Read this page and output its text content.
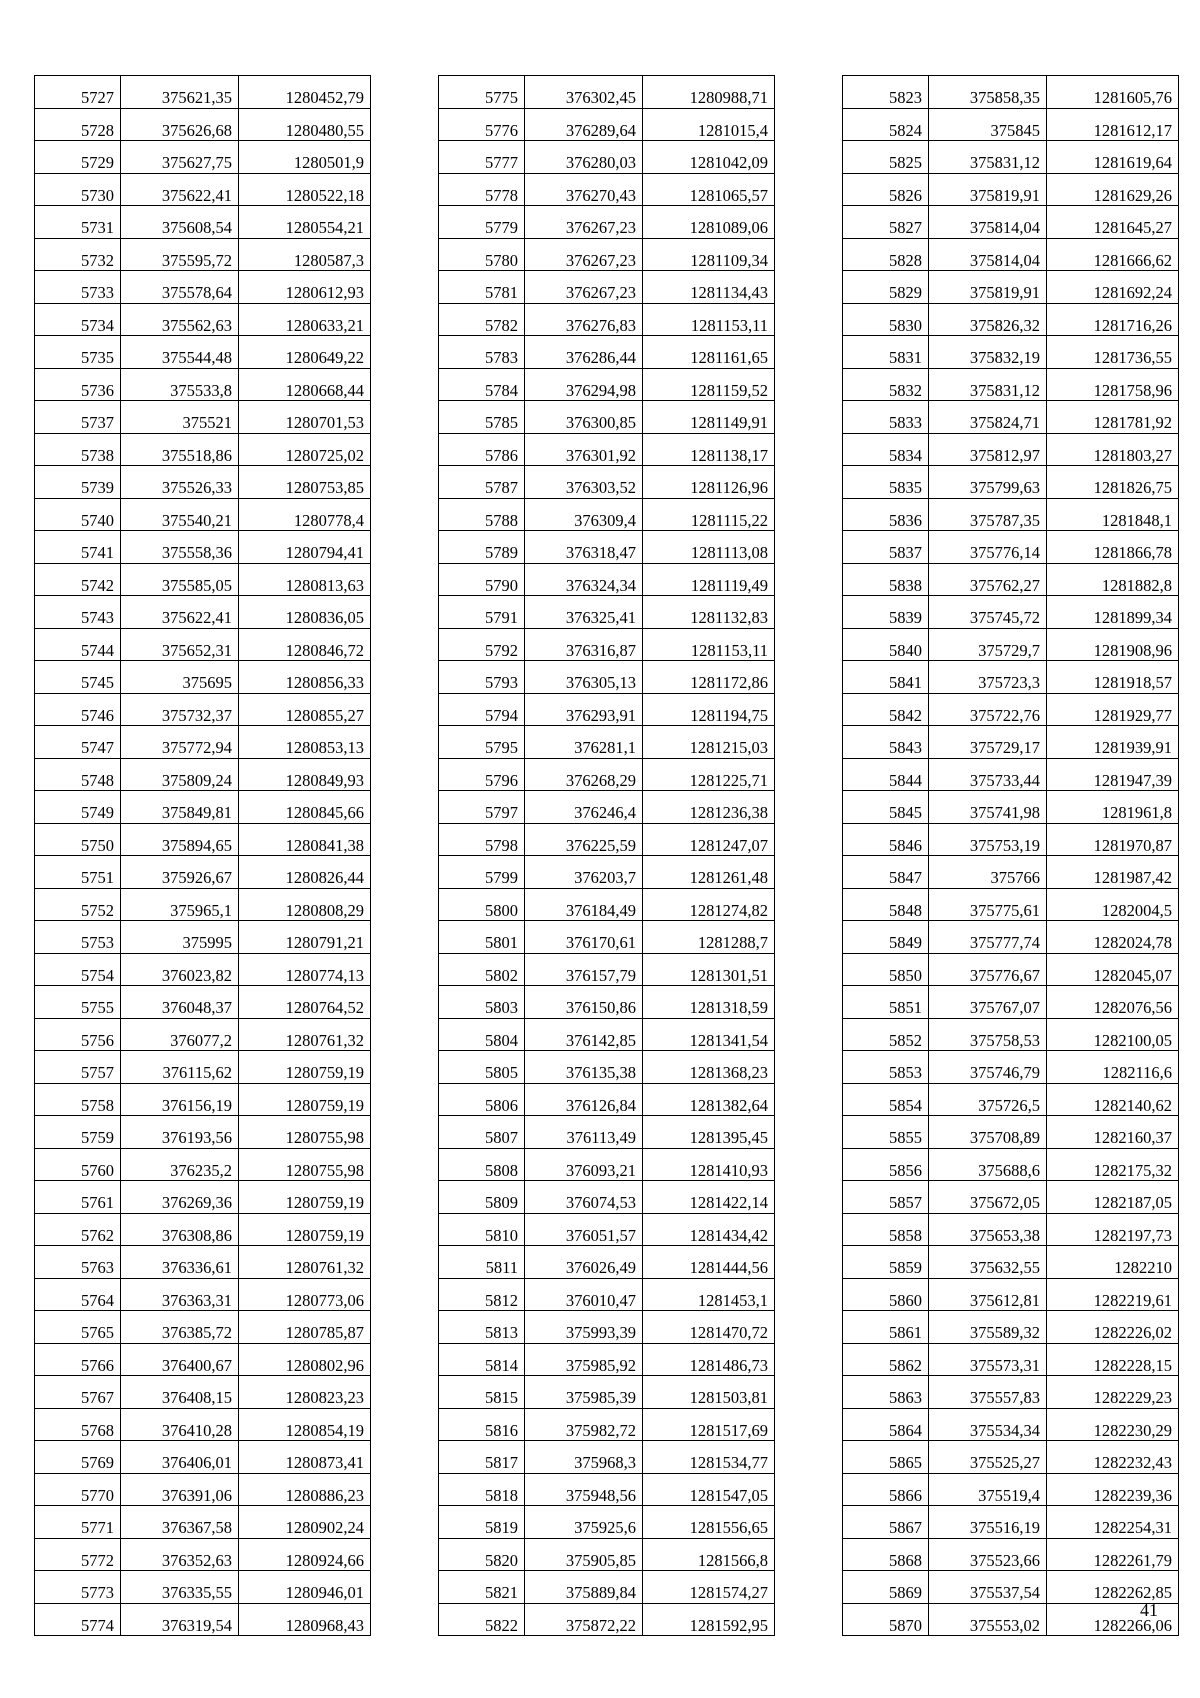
5727	375621,35	1280452,79
5728	375626,68	1280480,55
5729	375627,75	1280501,9
5730	375622,41	1280522,18
5731	375608,54	1280554,21
5732	375595,72	1280587,3
5733	375578,64	1280612,93
5734	375562,63	1280633,21
5735	375544,48	1280649,22
5736	375533,8	1280668,44
5737	375521	1280701,53
5738	375518,86	1280725,02
5739	375526,33	1280753,85
5740	375540,21	1280778,4
5741	375558,36	1280794,41
5742	375585,05	1280813,63
5743	375622,41	1280836,05
5744	375652,31	1280846,72
5745	375695	1280856,33
5746	375732,37	1280855,27
5747	375772,94	1280853,13
5748	375809,24	1280849,93
5749	375849,81	1280845,66
5750	375894,65	1280841,38
5751	375926,67	1280826,44
5752	375965,1	1280808,29
5753	375995	1280791,21
5754	376023,82	1280774,13
5755	376048,37	1280764,52
5756	376077,2	1280761,32
5757	376115,62	1280759,19
5758	376156,19	1280759,19
5759	376193,56	1280755,98
5760	376235,2	1280755,98
5761	376269,36	1280759,19
5762	376308,86	1280759,19
5763	376336,61	1280761,32
5764	376363,31	1280773,06
5765	376385,72	1280785,87
5766	376400,67	1280802,96
5767	376408,15	1280823,23
5768	376410,28	1280854,19
5769	376406,01	1280873,41
5770	376391,06	1280886,23
5771	376367,58	1280902,24
5772	376352,63	1280924,66
5773	376335,55	1280946,01
5774	376319,54	1280968,43
5775	376302,45	1280988,71
5776	376289,64	1281015,4
5777	376280,03	1281042,09
5778	376270,43	1281065,57
5779	376267,23	1281089,06
5780	376267,23	1281109,34
5781	376267,23	1281134,43
5782	376276,83	1281153,11
5783	376286,44	1281161,65
5784	376294,98	1281159,52
5785	376300,85	1281149,91
5786	376301,92	1281138,17
5787	376303,52	1281126,96
5788	376309,4	1281115,22
5789	376318,47	1281113,08
5790	376324,34	1281119,49
5791	376325,41	1281132,83
5792	376316,87	1281153,11
5793	376305,13	1281172,86
5794	376293,91	1281194,75
5795	376281,1	1281215,03
5796	376268,29	1281225,71
5797	376246,4	1281236,38
5798	376225,59	1281247,07
5799	376203,7	1281261,48
5800	376184,49	1281274,82
5801	376170,61	1281288,7
5802	376157,79	1281301,51
5803	376150,86	1281318,59
5804	376142,85	1281341,54
5805	376135,38	1281368,23
5806	376126,84	1281382,64
5807	376113,49	1281395,45
5808	376093,21	1281410,93
5809	376074,53	1281422,14
5810	376051,57	1281434,42
5811	376026,49	1281444,56
5812	376010,47	1281453,1
5813	375993,39	1281470,72
5814	375985,92	1281486,73
5815	375985,39	1281503,81
5816	375982,72	1281517,69
5817	375968,3	1281534,77
5818	375948,56	1281547,05
5819	375925,6	1281556,65
5820	375905,85	1281566,8
5821	375889,84	1281574,27
5822	375872,22	1281592,95
5823	375858,35	1281605,76
5824	375845	1281612,17
5825	375831,12	1281619,64
5826	375819,91	1281629,26
5827	375814,04	1281645,27
5828	375814,04	1281666,62
5829	375819,91	1281692,24
5830	375826,32	1281716,26
5831	375832,19	1281736,55
5832	375831,12	1281758,96
5833	375824,71	1281781,92
5834	375812,97	1281803,27
5835	375799,63	1281826,75
5836	375787,35	1281848,1
5837	375776,14	1281866,78
5838	375762,27	1281882,8
5839	375745,72	1281899,34
5840	375729,7	1281908,96
5841	375723,3	1281918,57
5842	375722,76	1281929,77
5843	375729,17	1281939,91
5844	375733,44	1281947,39
5845	375741,98	1281961,8
5846	375753,19	1281970,87
5847	375766	1281987,42
5848	375775,61	1282004,5
5849	375777,74	1282024,78
5850	375776,67	1282045,07
5851	375767,07	1282076,56
5852	375758,53	1282100,05
5853	375746,79	1282116,6
5854	375726,5	1282140,62
5855	375708,89	1282160,37
5856	375688,6	1282175,32
5857	375672,05	1282187,05
5858	375653,38	1282197,73
5859	375632,55	1282210
5860	375612,81	1282219,61
5861	375589,32	1282226,02
5862	375573,31	1282228,15
5863	375557,83	1282229,23
5864	375534,34	1282230,29
5865	375525,27	1282232,43
5866	375519,4	1282239,36
5867	375516,19	1282254,31
5868	375523,66	1282261,79
5869	375537,54	1282262,85
5870	375553,02	1282266,06
41
